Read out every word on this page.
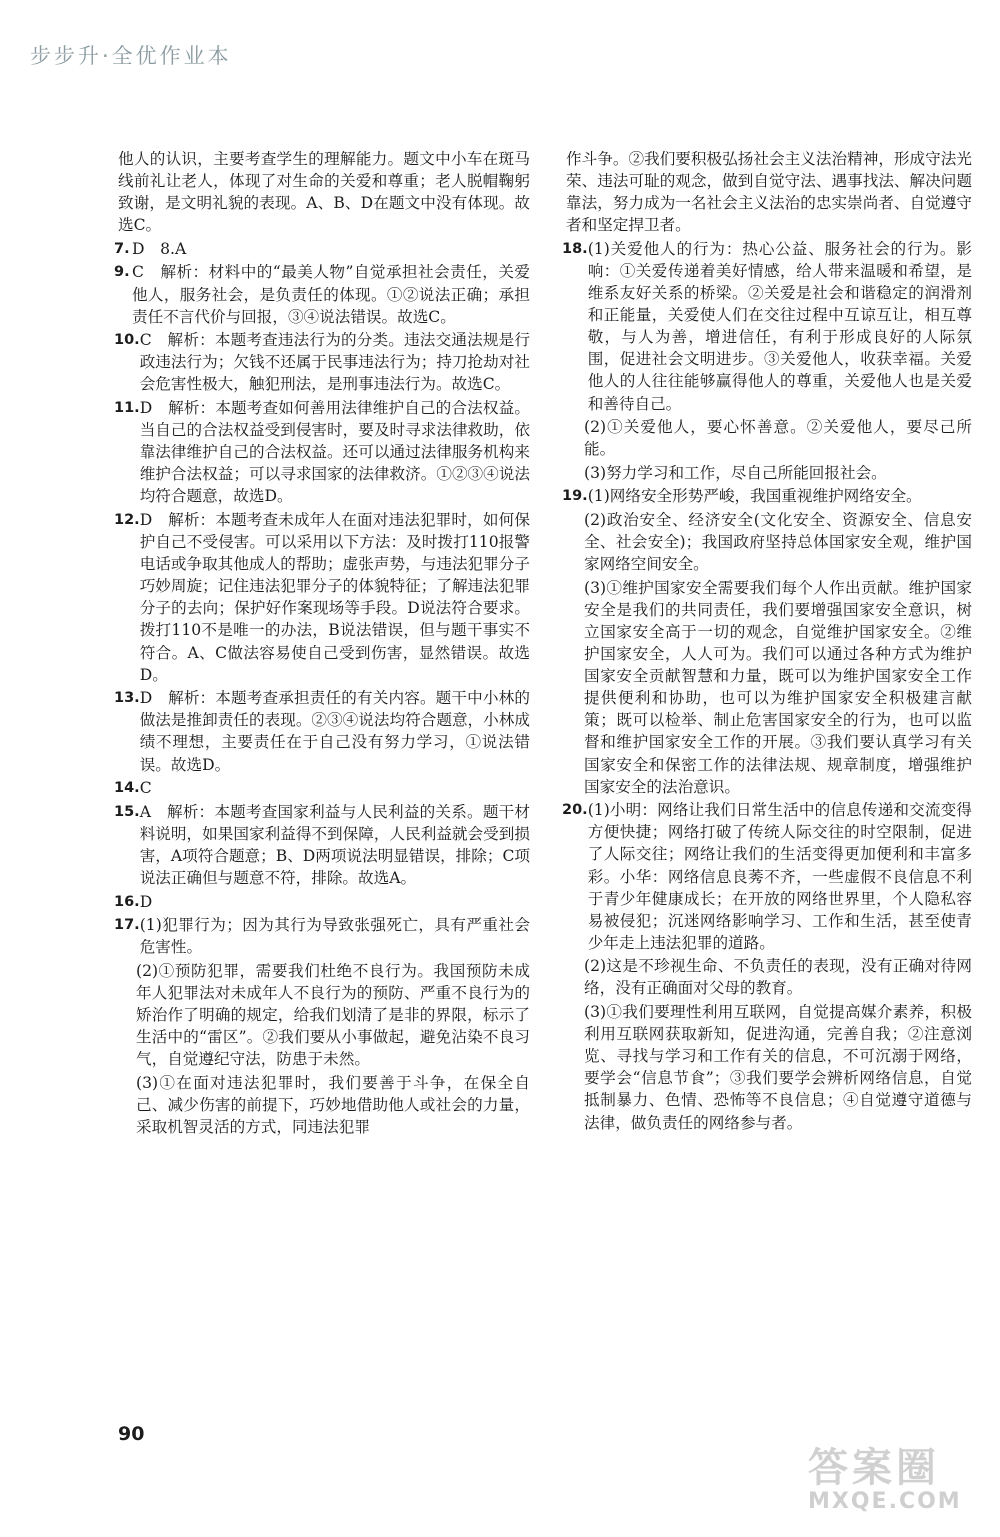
步步升·全优作业本

他人的认识，主要考查学生的理解能力。题文中小车在斑马线前礼让老人，体现了对生命的关爱和尊重；老人脱帽鞠躬致谢，是文明礼貌的表现。A、B、D在题文中没有体现。故选C。

7. D　8.A
9. C　解析：材料中的“最美人物”自觉承担社会责任，关爱他人，服务社会，是负责任的体现。①②说法正确；承担责任不言代价与回报，③④说法错误。故选C。
10. C　解析：本题考查违法行为的分类。违法交通法规是行政违法行为；欠钱不还属于民事违法行为；持刀抢劫对社会危害性极大，触犯刑法，是刑事违法行为。故选C。
11. D　解析：本题考查如何善用法律维护自己的合法权益。当自己的合法权益受到侵害时，要及时寻求法律救助，依靠法律维护自己的合法权益。还可以通过法律服务机构来维护合法权益；可以寻求国家的法律救济。①②③④说法均符合题意，故选D。
12. D　解析：本题考查未成年人在面对违法犯罪时，如何保护自己不受侵害。可以采用以下方法：及时拨打110报警电话或争取其他成人的帮助；虚张声势，与违法犯罪分子巧妙周旋；记住违法犯罪分子的体貌特征；了解违法犯罪分子的去向；保护好作案现场等手段。D说法符合要求。拨打110不是唯一的办法，B说法错误，但与题干事实不符合。A、C做法容易使自己受到伤害，显然错误。故选D。
13. D　解析：本题考查承担责任的有关内容。题干中小林的做法是推卸责任的表现。②③④说法均符合题意，小林成绩不理想，主要责任在于自己没有努力学习，①说法错误。故选D。
14. C
15. A　解析：本题考查国家利益与人民利益的关系。题干材料说明，如果国家利益得不到保障，人民利益就会受到损害，A项符合题意；B、D两项说法明显错误，排除；C项说法正确但与题意不符，排除。故选A。
16. D
17. (1)犯罪行为；因为其行为导致张强死亡，具有严重社会危害性。

(2)①预防犯罪，需要我们杜绝不良行为。我国预防未成年人犯罪法对未成年人不良行为的预防、严重不良行为的矫治作了明确的规定，给我们划清了是非的界限，标示了生活中的“雷区”。②我们要从小事做起，避免沾染不良习气，自觉遵纪守法，防患于未然。

(3)①在面对违法犯罪时，我们要善于斗争，在保全自己、减少伤害的前提下，巧妙地借助他人或社会的力量，采取机智灵活的方式，同违法犯罪

作斗争。②我们要积极弘扬社会主义法治精神，形成守法光荣、违法可耻的观念，做到自觉守法、遇事找法、解决问题靠法，努力成为一名社会主义法治的忠实崇尚者、自觉遵守者和坚定捍卫者。

18. (1)关爱他人的行为：热心公益、服务社会的行为。影响：①关爱传递着美好情感，给人带来温暖和希望，是维系友好关系的桥梁。②关爱是社会和谐稳定的润滑剂和正能量，关爱使人们在交往过程中互谅互让，相互尊敬，与人为善，增进信任，有利于形成良好的人际氛围，促进社会文明进步。③关爱他人，收获幸福。关爱他人的人往往能够赢得他人的尊重，关爱他人也是关爱和善待自己。

(2)①关爱他人，要心怀善意。②关爱他人，要尽己所能。

(3)努力学习和工作，尽自己所能回报社会。

19. (1)网络安全形势严峻，我国重视维护网络安全。

(2)政治安全、经济安全(文化安全、资源安全、信息安全、社会安全)；我国政府坚持总体国家安全观，维护国家网络空间安全。

(3)①维护国家安全需要我们每个人作出贡献。维护国家安全是我们的共同责任，我们要增强国家安全意识，树立国家安全高于一切的观念，自觉维护国家安全。②维护国家安全，人人可为。我们可以通过各种方式为维护国家安全贡献智慧和力量，既可以为维护国家安全工作提供便利和协助，也可以为维护国家安全积极建言献策；既可以检举、制止危害国家安全的行为，也可以监督和维护国家安全工作的开展。③我们要认真学习有关国家安全和保密工作的法律法规、规章制度，增强维护国家安全的法治意识。

20. (1)小明：网络让我们日常生活中的信息传递和交流变得方便快捷；网络打破了传统人际交往的时空限制，促进了人际交往；网络让我们的生活变得更加便利和丰富多彩。小华：网络信息良莠不齐，一些虚假不良信息不利于青少年健康成长；在开放的网络世界里，个人隐私容易被侵犯；沉迷网络影响学习、工作和生活，甚至使青少年走上违法犯罪的道路。

(2)这是不珍视生命、不负责任的表现，没有正确对待网络，没有正确面对父母的教育。

(3)①我们要理性利用互联网，自觉提高媒介素养，积极利用互联网获取新知，促进沟通，完善自我；②注意浏览、寻找与学习和工作有关的信息，不可沉溺于网络，要学会“信息节食”；③我们要学会辨析网络信息，自觉抵制暴力、色情、恐怖等不良信息；④自觉遵守道德与法律，做负责任的网络参与者。

90
答案圈
MXQE.COM
